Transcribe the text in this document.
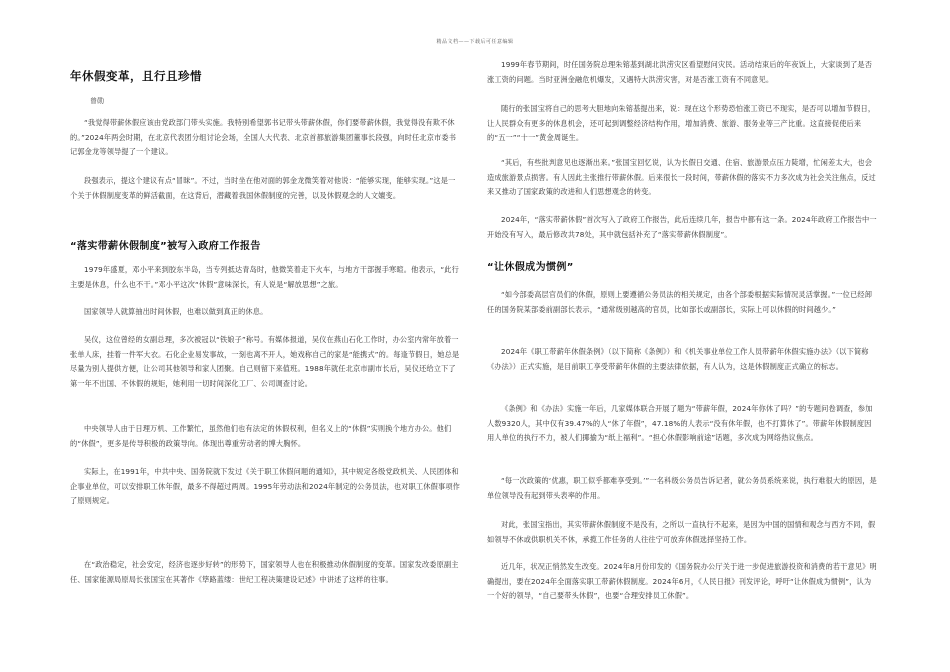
精品文档——下载后可任意编辑
年休假变革，且行且珍惜
曾勋

“我觉得带薪休假应该由党政部门带头实施。我特别希望郭书记带头带薪休假，你们要带薪休假，我觉得没有欺不休的。”2024年两会时期，在北京代表团分组讨论会场，全国人大代表、北京首都旅游集团董事长段强，向时任北京市委书记郭金龙等领导提了一个建议。

段强表示，提这个建议有点“冒昧”。不过，当时坐在他对面的郭金龙微笑着对他说：“能够实现，能够实现。”这是一个关于休假制度变革的鲜活截面，在这背后，潜藏着我国休假制度的完善，以及休假观念的人文嬗变。

“落实带薪休假制度”被写入政府工作报告

1979年盛夏，邓小平来到胶东半岛，当专列抵达青岛时，他微笑着走下火车，与地方干部握手寒暄。他表示，“此行主要是休息，什么也不干。”邓小平这次“休假”意味深长，有人说是“解放思想”之旅。

国家领导人就算抽出时间休假，也难以做到真正的休息。

吴仪，这位曾经的女副总理，多次被冠以“铁娘子”称号。有媒体报道，吴仪在燕山石化工作时，办公室内常年放着一张单人床，挂着一件军大衣。石化企业易发事故，一刻也离不开人，她戏称自己的家是“能携式”的。每逢节假日，她总是尽量为别人提供方便，让公司其他领导和家人团聚。自己则留下来值班。1988年就任北京市副市长后，吴仪还给立下了第一年不出国、不休假的规矩，她利用一切时间深化工厂、公司调查讨论。

中央领导人由于日理万机、工作繁忙，虽然他们也有法定的休假权利，但名义上的“休假”实则换个地方办公。他们的“休假”，更多是传导积极的政策导向。体现出尊重劳动者的博大胸怀。

实际上，在1991年，中共中央、国务院就下发过《关于职工休假问题的通知》，其中规定各级党政机关、人民团体和企事业单位，可以安排职工休年假，最多不得超过两周。1995年劳动法和2024年制定的公务员法，也对职工休假事项作了原则规定。

在“政治稳定，社会安定，经济也逐步好转”的形势下，国家领导人也在积极推动休假制度的变革。国家发改委原副主任、国家能源局原局长张国宝在其著作《筚路蓝缕：世纪工程决策建设记述》中讲述了这样的往事。

1999年春节期间，时任国务院总理朱镕基到湖北洪涝灾区看望慰问灾民。活动结束后的年夜饭上，大家谈到了是否涨工资的问题。当时亚洲金融危机爆发，又遇特大洪涝灾害，对是否涨工资有不同意见。

随行的张国宝将自己的思考大胆地向朱镕基提出来，说：现在这个形势恐怕涨工资已不现实，是否可以增加节假日，让人民群众有更多的休息机会，还可起到调整经济结构作用，增加消费、旅游、服务业等三产比重。这直接促使后来的“五一”“十一”黄金周诞生。

“其后，有些批判意见也逐渐出来。”张国宝回忆说，认为长假日交通、住宿、旅游景点压力陡增，忙闲差太大，也会造成旅游景点损害。有人因此主张推行带薪休假。后来很长一段时间，带薪休假的落实不力多次成为社会关注焦点，反过来又推动了国家政策的改进和人们思想观念的转变。

2024年，“落实带薪休假”首次写入了政府工作报告，此后连续几年，报告中都有这一条。2024年政府工作报告中一开始没有写入，最后修改共78处，其中就包括补充了“落实带薪休假制度”。

“让休假成为惯例”

“如今部委高层官员们的休假，原则上要遵循公务员法的相关规定，由各个部委根据实际情况灵活掌握。”一位已经卸任的国务院某部委前副部长表示，“通常级别越高的官员，比如部长或副部长，实际上可以休假的时间越少。”

2024年《职工带薪年休假条例》（以下简称《条例》）和《机关事业单位工作人员带薪年休假实施办法》（以下简称《办法》）正式实施，是目前职工享受带薪年休假的主要法律依据，有人认为，这是休假制度正式确立的标志。

《条例》和《办法》实施一年后，几家媒体联合开展了题为“带薪年假，2024年你休了吗？”的专题问卷调查，参加人数9320人，其中仅有39.47%的人“休了年假”，47.18%的人表示“没有休年假，也不打算休了”。带薪年休假制度因用人单位的执行不力，被人们揶揄为“纸上福利”。“担心休假影响前途”话题，多次成为网络热议焦点。

“每一次政策的‘优惠，职工似乎都难享受到。’”一名科级公务员告诉记者，就公务员系统来说，执行难很大的原因，是单位领导没有起到带头表率的作用。

对此，张国宝指出，其实带薪休假制度不是没有，之所以一直执行不起来，是因为中国的国情和观念与西方不同，假如领导不休或供职机关不休，承揽工作任务的人往往宁可放弃休假选择坚持工作。

近几年，状况正悄然发生改变。2024年8月份印发的《国务院办公厅关于进一步促进旅游投资和消费的若干意见》明确提出，要在2024年全面落实职工带薪休假制度。2024年6月，《人民日报》刊发评论，呼吁“让休假成为惯例”，认为一个好的领导，“自己要带头休假”，也要“合理安排员工休假”。
